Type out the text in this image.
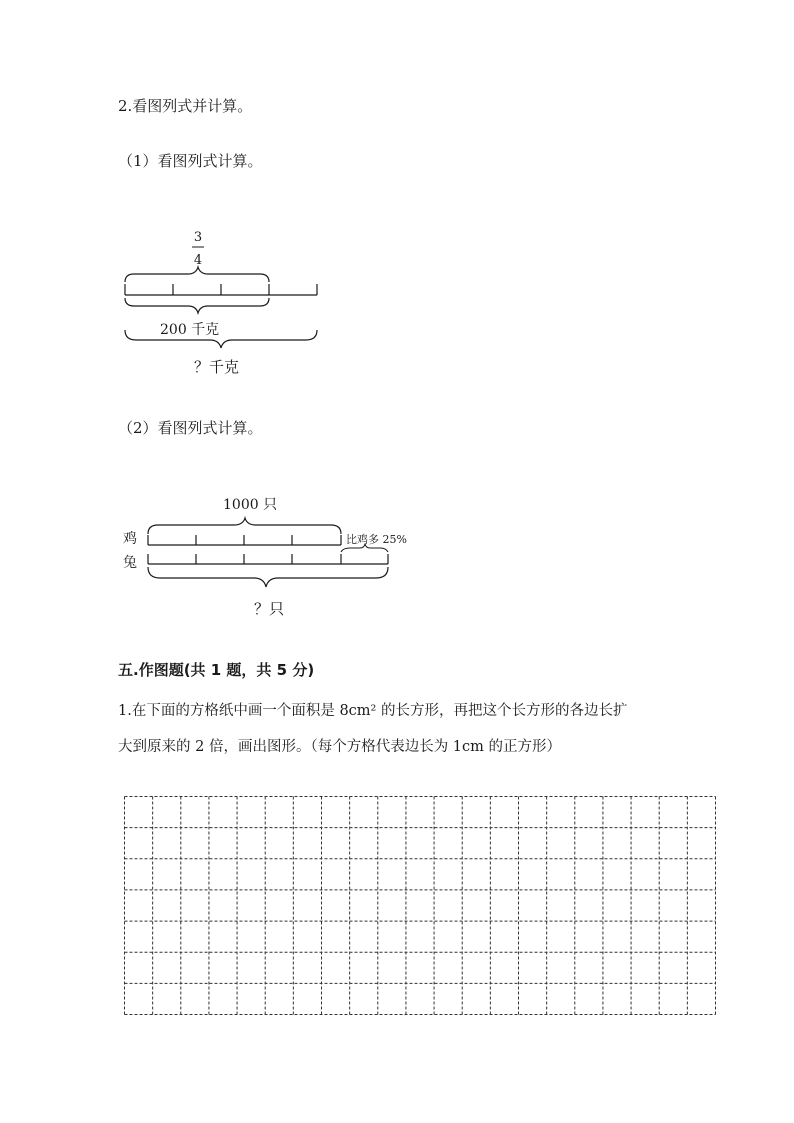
2.看图列式并计算。
（1）看图列式计算。
3
4
200 千克
？千克
（2）看图列式计算。
1000 只
鸡	比鸡多 25%
兔
？只
五.作图题(共 1 题，共 5 分)
1.在下面的方格纸中画一个面积是 8cm² 的长方形，再把这个长方形的各边长扩
大到原来的 2 倍，画出图形。（每个方格代表边长为 1cm 的正方形）
